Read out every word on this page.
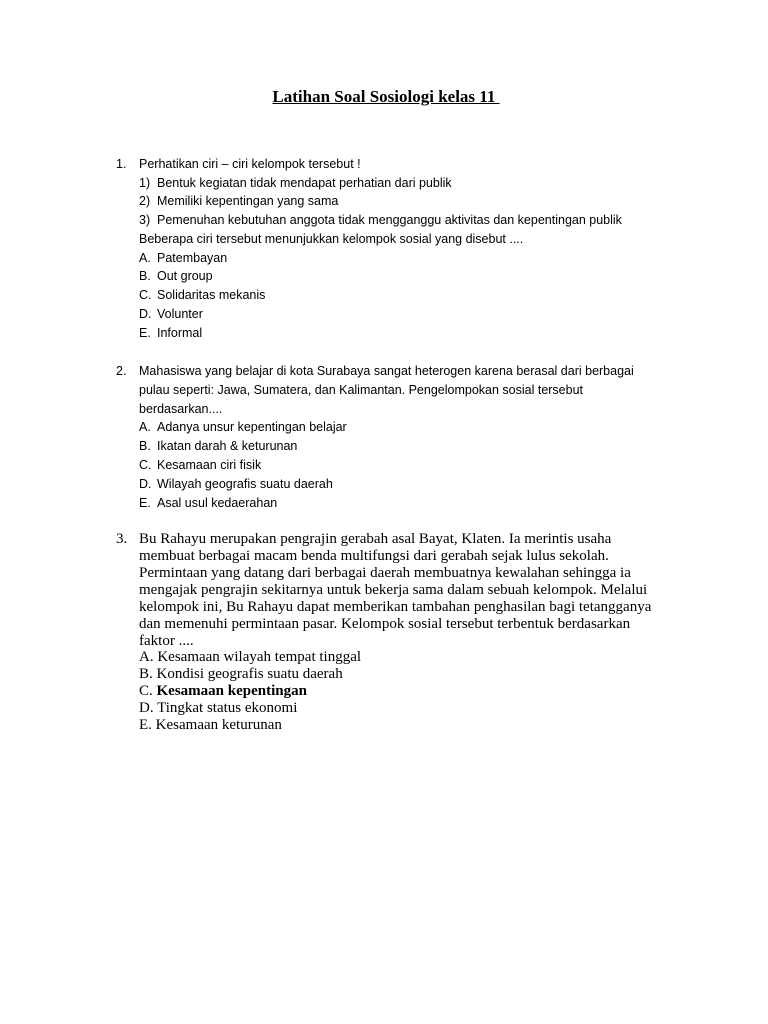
Latihan Soal Sosiologi kelas 11
1. Perhatikan ciri – ciri kelompok tersebut !
1) Bentuk kegiatan tidak mendapat perhatian dari publik
2) Memiliki kepentingan yang sama
3) Pemenuhan kebutuhan anggota tidak mengganggu aktivitas dan kepentingan publik
Beberapa ciri tersebut menunjukkan kelompok sosial yang disebut ....
A. Patembayan
B. Out group
C. Solidaritas mekanis
D. Volunter
E. Informal
2. Mahasiswa yang belajar di kota Surabaya sangat heterogen karena berasal dari berbagai
pulau seperti: Jawa, Sumatera, dan Kalimantan. Pengelompokan sosial tersebut
berdasarkan....
A. Adanya unsur kepentingan belajar
B. Ikatan darah & keturunan
C. Kesamaan ciri fisik
D. Wilayah geografis suatu daerah
E. Asal usul kedaerahan
3. Bu Rahayu merupakan pengrajin gerabah asal Bayat, Klaten. Ia merintis usaha
membuat berbagai macam benda multifungsi dari gerabah sejak lulus sekolah.
Permintaan yang datang dari berbagai daerah membuatnya kewalahan sehingga ia
mengajak pengrajin sekitarnya untuk bekerja sama dalam sebuah kelompok. Melalui
kelompok ini, Bu Rahayu dapat memberikan tambahan penghasilan bagi tetangganya
dan memenuhi permintaan pasar. Kelompok sosial tersebut terbentuk berdasarkan
faktor ....
A. Kesamaan wilayah tempat tinggal
B. Kondisi geografis suatu daerah
C. Kesamaan kepentingan
D. Tingkat status ekonomi
E. Kesamaan keturunan
